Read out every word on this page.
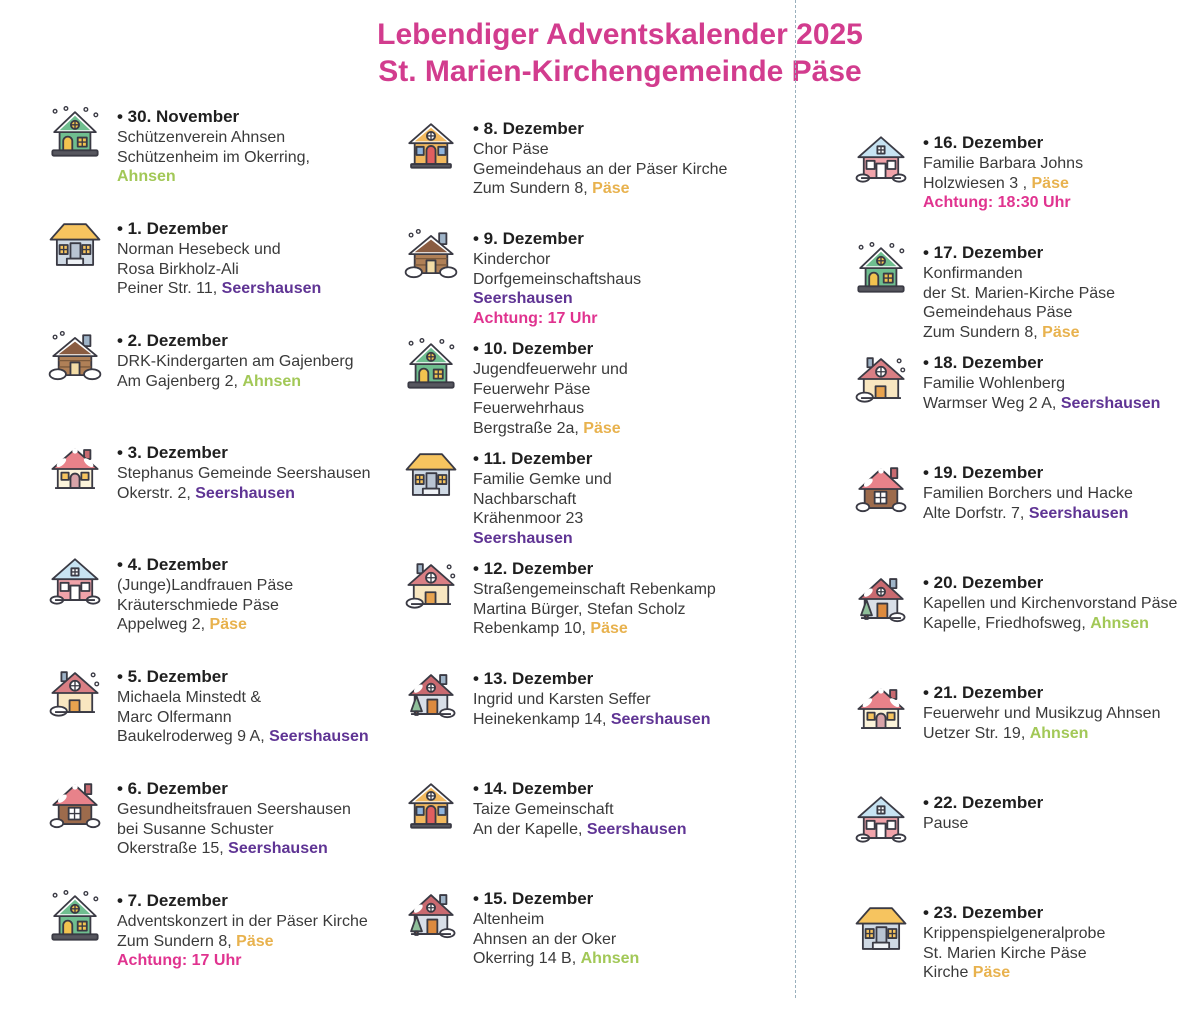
Lebendiger Adventskalender 2025
St. Marien-Kirchengemeinde Päse
• 30. November
Schützenverein Ahnsen
Schützenheim im Okerring,
Ahnsen
• 1. Dezember
Norman Hesebeck und
Rosa Birkholz-Ali
Peiner Str. 11, Seershausen
• 2. Dezember
DRK-Kindergarten am Gajenberg
Am Gajenberg 2, Ahnsen
• 3. Dezember
Stephanus Gemeinde Seershausen
Okerstr. 2, Seershausen
• 4. Dezember
(Junge)Landfrauen Päse
Kräuterschmiede Päse
Appelweg 2, Päse
• 5. Dezember
Michaela Minstedt &
Marc Olfermann
Baukelroderweg 9 A, Seershausen
• 6. Dezember
Gesundheitsfrauen Seershausen
bei Susanne Schuster
Okerstraße 15, Seershausen
• 7. Dezember
Adventskonzert in der Päser Kirche
Zum Sundern 8, Päse
Achtung: 17 Uhr
• 8. Dezember
Chor Päse
Gemeindehaus an der Päser Kirche
Zum Sundern 8, Päse
• 9. Dezember
Kinderchor
Dorfgemeinschaftshaus
Seershausen
Achtung: 17 Uhr
• 10. Dezember
Jugendfeuerwehr und
Feuerwehr Päse
Feuerwehrhaus
Bergstraße 2a, Päse
• 11. Dezember
Familie Gemke und
Nachbarschaft
Krähenmoor 23
Seershausen
• 12. Dezember
Straßengemeinschaft Rebenkamp
Martina Bürger, Stefan Scholz
Rebenkamp 10, Päse
• 13. Dezember
Ingrid und Karsten Seffer
Heinekenkamp 14, Seershausen
• 14. Dezember
Taize Gemeinschaft
An der Kapelle, Seershausen
• 15. Dezember
Altenheim
Ahnsen an der Oker
Okerring 14 B, Ahnsen
• 16. Dezember
Familie Barbara Johns
Holzwiesen 3 , Päse
Achtung: 18:30 Uhr
• 17. Dezember
Konfirmanden
der St. Marien-Kirche Päse
Gemeindehaus Päse
Zum Sundern 8, Päse
• 18. Dezember
Familie Wohlenberg
Warmser Weg 2 A, Seershausen
• 19. Dezember
Familien Borchers und Hacke
Alte Dorfstr. 7, Seershausen
• 20. Dezember
Kapellen und Kirchenvorstand Päse
Kapelle, Friedhofsweg, Ahnsen
• 21. Dezember
Feuerwehr und Musikzug Ahnsen
Uetzer Str. 19, Ahnsen
• 22. Dezember
Pause
• 23. Dezember
Krippenspielgeneralprobe
St. Marien Kirche Päse
Kirche Päse
